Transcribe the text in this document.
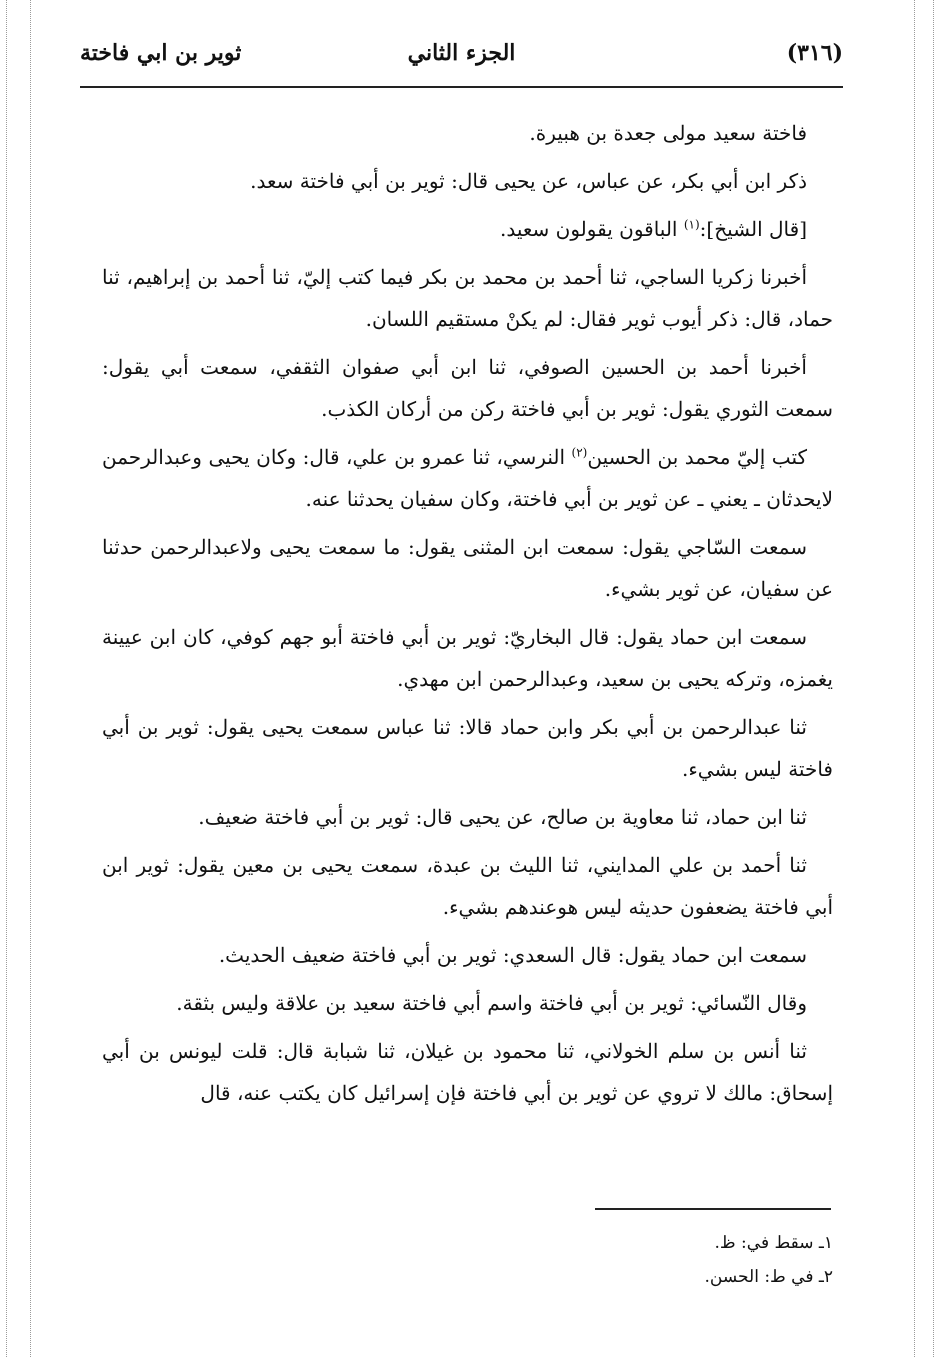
(٣١٦)
الجزء الثاني
ثوير بن ابي فاختة

فاختة سعيد مولى جعدة بن هبيرة.

ذكر ابن أبي بكر، عن عباس، عن يحيى قال: ثوير بن أبي فاختة سعد.

[قال الشيخ]:$^{(١)}$ الباقون يقولون سعيد.

أخبرنا زكريا الساجي، ثنا أحمد بن محمد بن بكر فيما كتب إليّ، ثنا أحمد بن إبراهيم، ثنا حماد، قال: ذكر أيوب ثوير فقال: لم يكنْ مستقيم اللسان.

أخبرنا أحمد بن الحسين الصوفي، ثنا ابن أبي صفوان الثقفي، سمعت أبي يقول: سمعت الثوري يقول: ثوير بن أبي فاختة ركن من أركان الكذب.

كتب إليّ محمد بن الحسين$^{(٢)}$ النرسي، ثنا عمرو بن علي، قال: وكان يحيى وعبدالرحمن لايحدثان ـ يعني ـ عن ثوير بن أبي فاختة، وكان سفيان يحدثنا عنه.

سمعت السّاجي يقول: سمعت ابن المثنى يقول: ما سمعت يحيى ولاعبدالرحمن حدثنا عن سفيان، عن ثوير بشيء.

سمعت ابن حماد يقول: قال البخاريّ: ثوير بن أبي فاختة أبو جهم كوفي، كان ابن عيينة يغمزه، وتركه يحيى بن سعيد، وعبدالرحمن ابن مهدي.

ثنا عبدالرحمن بن أبي بكر وابن حماد قالا: ثنا عباس سمعت يحيى يقول: ثوير بن أبي فاختة ليس بشيء.

ثنا ابن حماد، ثنا معاوية بن صالح، عن يحيى قال: ثوير بن أبي فاختة ضعيف.

ثنا أحمد بن علي المدايني، ثنا الليث بن عبدة، سمعت يحيى بن معين يقول: ثوير ابن أبي فاختة يضعفون حديثه ليس هوعندهم بشيء.

سمعت ابن حماد يقول: قال السعدي: ثوير بن أبي فاختة ضعيف الحديث.

وقال النّسائي: ثوير بن أبي فاختة واسم أبي فاختة سعيد بن علاقة وليس بثقة.

ثنا أنس بن سلم الخولاني، ثنا محمود بن غيلان، ثنا شبابة قال: قلت ليونس بن أبي إسحاق: مالك لا تروي عن ثوير بن أبي فاختة فإن إسرائيل كان يكتب عنه، قال

١ـ سقط في: ظ.

٢ـ في ط: الحسن.
